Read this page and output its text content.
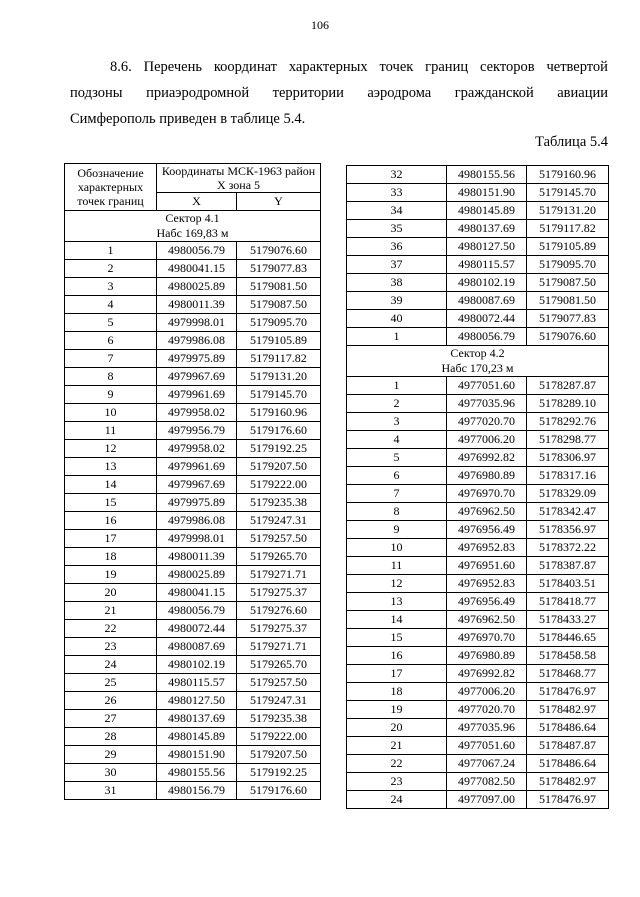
106
8.6. Перечень координат характерных точек границ секторов четвертой
подзоны приаэродромной территории аэродрома гражданской авиации
Симферополь приведен в таблице 5.4.
Таблица 5.4
Обозначение характерных точек границ	Координаты МСК-1963 район X зона 5	
	X	Y

Сектор 4.1
Набс 169,83 м		

1	4980056.79	5179076.60
2	4980041.15	5179077.83
3	4980025.89	5179081.50
4	4980011.39	5179087.50
5	4979998.01	5179095.70
6	4979986.08	5179105.89
7	4979975.89	5179117.82
8	4979967.69	5179131.20
9	4979961.69	5179145.70
10	4979958.02	5179160.96
11	4979956.79	5179176.60
12	4979958.02	5179192.25
13	4979961.69	5179207.50
14	4979967.69	5179222.00
15	4979975.89	5179235.38
16	4979986.08	5179247.31
17	4979998.01	5179257.50
18	4980011.39	5179265.70
19	4980025.89	5179271.71
20	4980041.15	5179275.37
21	4980056.79	5179276.60
22	4980072.44	5179275.37
23	4980087.69	5179271.71
24	4980102.19	5179265.70
25	4980115.57	5179257.50
26	4980127.50	5179247.31
27	4980137.69	5179235.38
28	4980145.89	5179222.00
29	4980151.90	5179207.50
30	4980155.56	5179192.25
31	4980156.79	5179176.60
32	4980155.56	5179160.96
33	4980151.90	5179145.70
34	4980145.89	5179131.20
35	4980137.69	5179117.82
36	4980127.50	5179105.89
37	4980115.57	5179095.70
38	4980102.19	5179087.50
39	4980087.69	5179081.50
40	4980072.44	5179077.83
1	4980056.79	5179076.60

Сектор 4.2
Набс 170,23 м		

1	4977051.60	5178287.87
2	4977035.96	5178289.10
3	4977020.70	5178292.76
4	4977006.20	5178298.77
5	4976992.82	5178306.97
6	4976980.89	5178317.16
7	4976970.70	5178329.09
8	4976962.50	5178342.47
9	4976956.49	5178356.97
10	4976952.83	5178372.22
11	4976951.60	5178387.87
12	4976952.83	5178403.51
13	4976956.49	5178418.77
14	4976962.50	5178433.27
15	4976970.70	5178446.65
16	4976980.89	5178458.58
17	4976992.82	5178468.77
18	4977006.20	5178476.97
19	4977020.70	5178482.97
20	4977035.96	5178486.64
21	4977051.60	5178487.87
22	4977067.24	5178486.64
23	4977082.50	5178482.97
24	4977097.00	5178476.97
